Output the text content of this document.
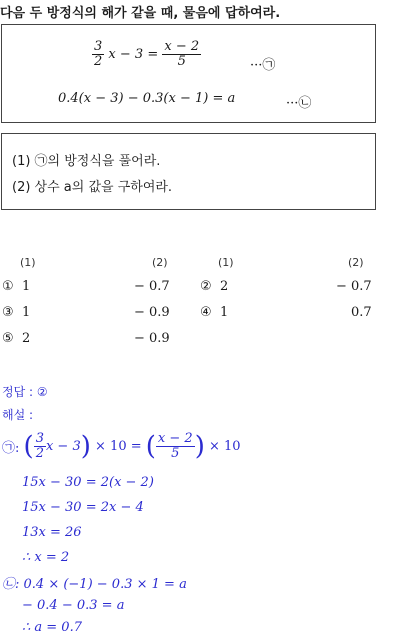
다음 두 방정식의 해가 같을 때, 물음에 답하여라.
$\frac{3}{2}$ $x - 3 = \frac{x - 2}{5}$	···㉠
0.4(x − 3) − 0.3(x − 1) = a	···㉡
(1) ㉠의 방정식을 풀어라.
(2) 상수 a의 값을 구하여라.
(1)	(2)	(1)	(2)
① 1	− 0.7 ② 2	− 0.7
③ 1	− 0.9 ④ 1	0.7
⑤ 2	− 0.9
정답 : ②
해설 :
㉠: ( $\frac{3}{2}$ x − 3) × 10 = ( $\frac{x - 2}{5}$ ) × 10
15x − 30 = 2(x − 2)
15x − 30 = 2x − 4
13x = 26
∴ x = 2
㉡: 0.4 × (−1) − 0.3 × 1 = a
− 0.4 − 0.3 = a
∴ a = 0.7
